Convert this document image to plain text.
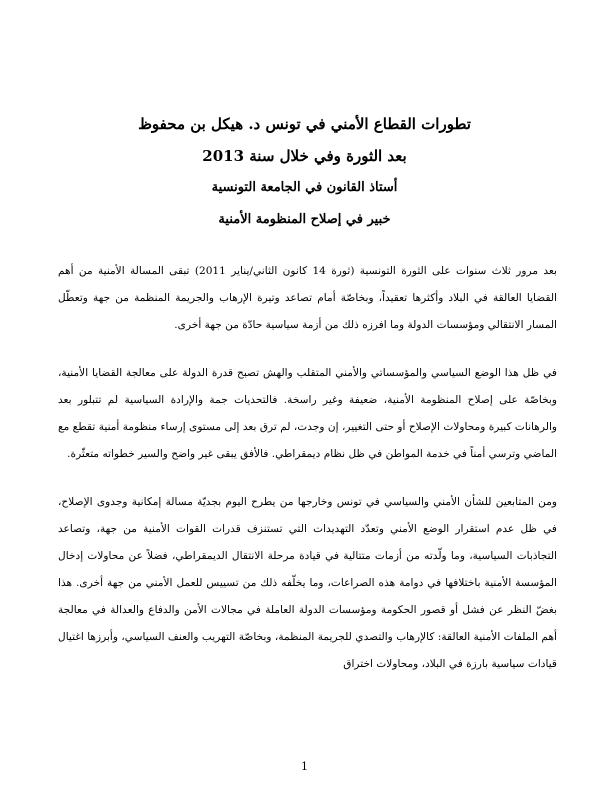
تطورات القطاع الأمني في تونس د. هيكل بن محفوظ
بعد الثورة وفي خلال سنة 2013
أستاذ القانون في الجامعة التونسية
خبير في إصلاح المنظومة الأمنية

بعد مرور ثلاث سنوات على الثورة التونسية (ثورة 14 كانون الثاني/يناير 2011) تبقى المسالة الأمنية من أهم القضايا العالقة في البلاد وأكثرها تعقيداً، وبخاصّة أمام تصاعد وتيرة الإرهاب والجريمة المنظمة من جهة وتعطّل المسار الانتقالي ومؤسسات الدولة وما افرزه ذلك من أزمة سياسية حادّة من جهة أخرى.

في ظل هذا الوضع السياسي والمؤسساتي والأمني المتقلب والهش تصبح قدرة الدولة على معالجة القضايا الأمنية، وبخاصّة على إصلاح المنظومة الأمنية، ضعيفة وغير راسخة. فالتحديات جمة والإرادة السياسية لم تتبلور بعد والرهانات كبيرة ومحاولات الإصلاح أو حتى التغيير، إن وجدت، لم ترق بعد إلى مستوى إرساء منظومة أمنية تقطع مع الماضي وترسي أمناً في خدمة المواطن في ظل نظام ديمقراطي. فالأفق يبقى غير واضح والسير خطواته متعثّرة.

ومن المتابعين للشأن الأمني والسياسي في تونس وخارجها من يطرح اليوم بجديّة مسالة إمكانية وجدوى الإصلاح، في ظل عدم استقرار الوضع الأمني وتعدّد التهديدات التي تستنزف قدرات القوات الأمنية من جهة، وتصاعد التجاذبات السياسية، وما ولّدته من أزمات متتالية في قيادة مرحلة الانتقال الديمقراطي، فضلاً عن محاولات إدخال المؤسسة الأمنية باختلافها في دوامة هذه الصراعات، وما يخلّفه ذلك من تسييس للعمل الأمني من جهة أخرى. هذا بغضّ النظر عن فشل أو قصور الحكومة ومؤسسات الدولة العاملة في مجالات الأمن والدفاع والعدالة في معالجة أهم الملفات الأمنية العالقة: كالإرهاب والتصدي للجريمة المنظمة، وبخاصّة التهريب والعنف السياسي، وأبرزها اغتيال قيادات سياسية بارزة في البلاد، ومحاولات اختراق

1
